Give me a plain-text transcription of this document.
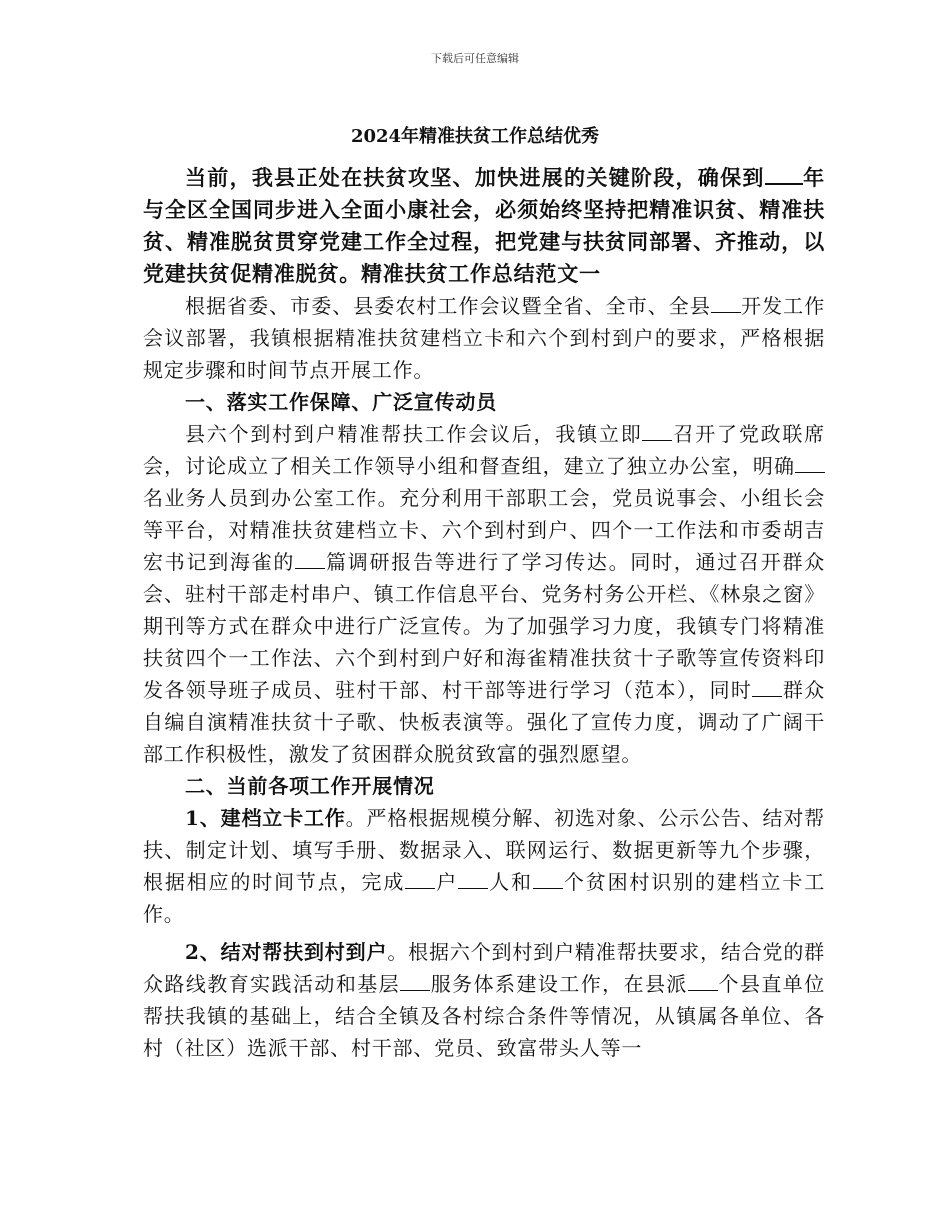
下载后可任意编辑
2024年精准扶贫工作总结优秀

当前，我县正处在扶贫攻坚、加快进展的关键阶段，确保到 年与全区全国同步进入全面小康社会，必须始终坚持把精准识贫、精准扶贫、精准脱贫贯穿党建工作全过程，把党建与扶贫同部署、齐推动，以党建扶贫促精准脱贫。精准扶贫工作总结范文一

根据省委、市委、县委农村工作会议暨全省、全市、全县 开发工作会议部署，我镇根据精准扶贫建档立卡和六个到村到户的要求，严格根据规定步骤和时间节点开展工作。

一、落实工作保障、广泛宣传动员

县六个到村到户精准帮扶工作会议后，我镇立即 召开了党政联席会，讨论成立了相关工作领导小组和督查组，建立了独立办公室，明确名业务人员到办公室工作。充分利用干部职工会，党员说事会、小组长会等平台，对精准扶贫建档立卡、六个到村到户、四个一工作法和市委胡吉宏书记到海雀的 篇调研报告等进行了学习传达。同时，通过召开群众会、驻村干部走村串户、镇工作信息平台、党务村务公开栏、《林泉之窗》期刊等方式在群众中进行广泛宣传。为了加强学习力度，我镇专门将精准扶贫四个一工作法、六个到村到户好和海雀精准扶贫十子歌等宣传资料印发各领导班子成员、驻村干部、村干部等进行学习（范本），同时 群众自编自演精准扶贫十子歌、快板表演等。强化了宣传力度，调动了广阔干部工作积极性，激发了贫困群众脱贫致富的强烈愿望。

二、当前各项工作开展情况

1、建档立卡工作。严格根据规模分解、初选对象、公示公告、结对帮扶、制定计划、填写手册、数据录入、联网运行、数据更新等九个步骤，根据相应的时间节点，完成 户 人和 个贫困村识别的建档立卡工作。

2、结对帮扶到村到户。根据六个到村到户精准帮扶要求，结合党的群众路线教育实践活动和基层 服务体系建设工作，在县派 个县直单位帮扶我镇的基础上，结合全镇及各村综合条件等情况，从镇属各单位、各村（社区）选派干部、村干部、党员、致富带头人等一
